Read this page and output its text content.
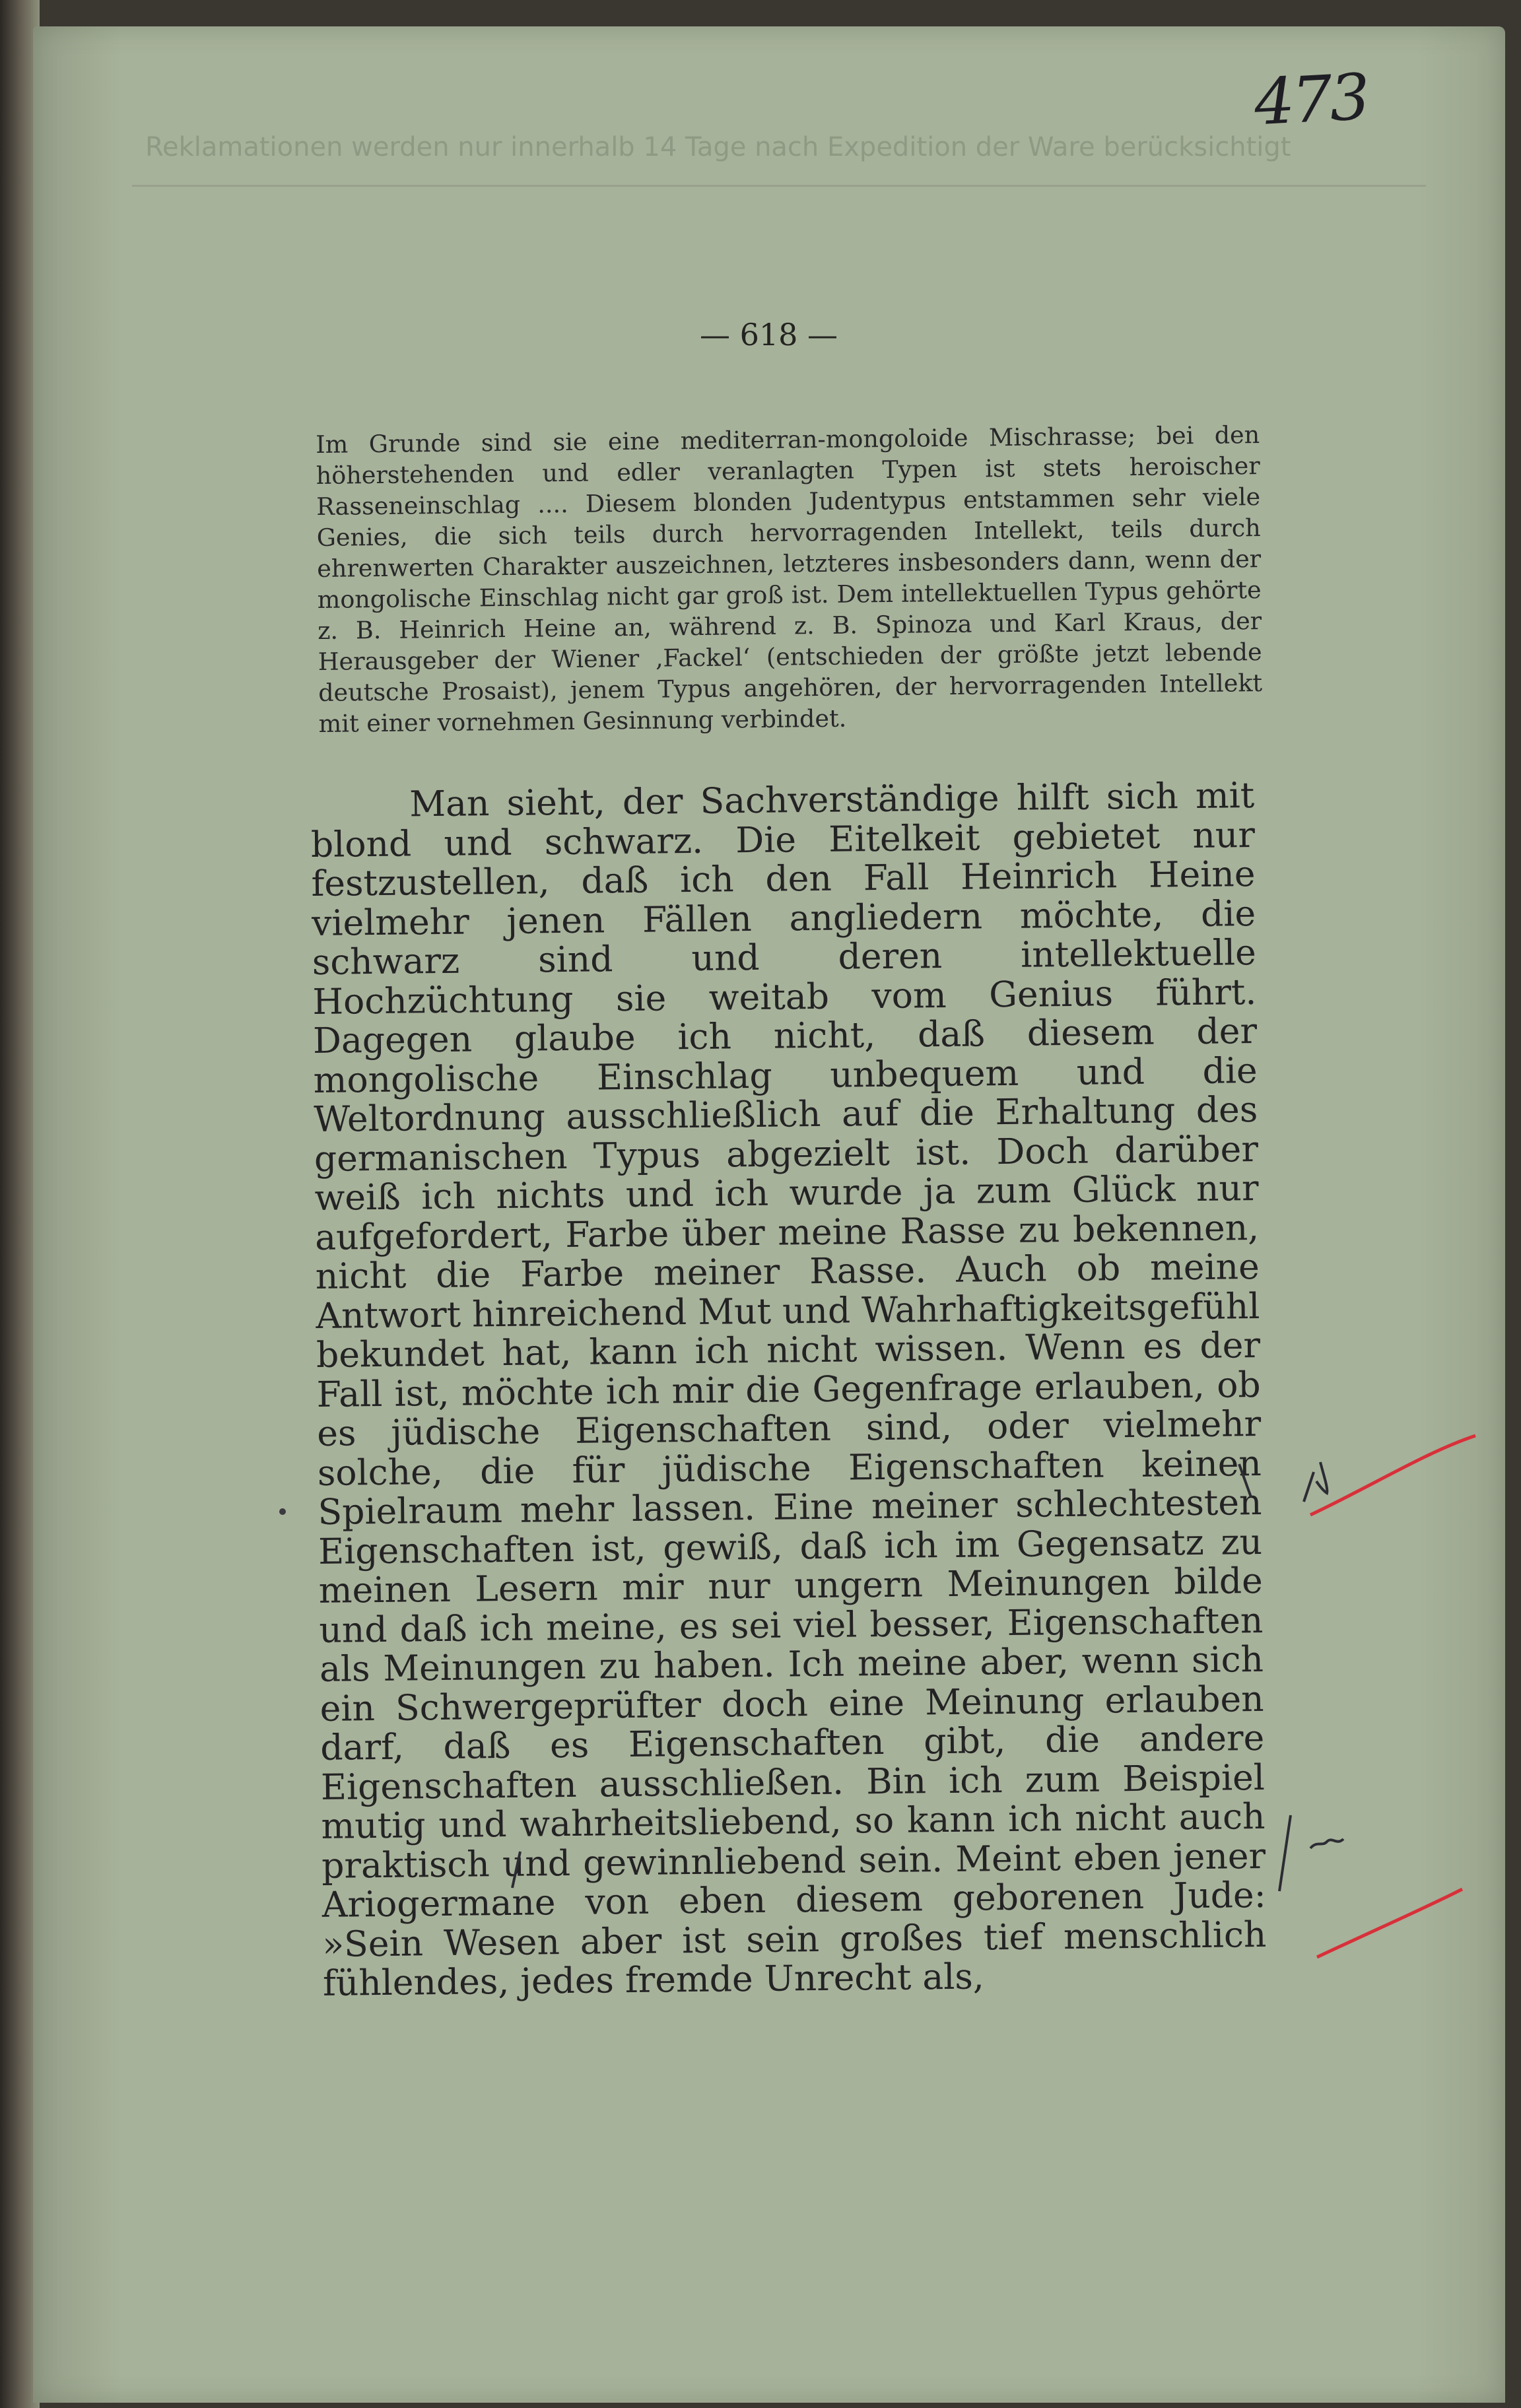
Reklamationen werden nur innerhalb 14 Tage nach Expedition der Ware berücksichtigt
473
— 618 —
Im Grunde sind sie eine mediterran-mongoloide Mischrasse; bei den höherstehenden und edler veranlagten Typen ist stets heroischer Rasseneinschlag .... Diesem blonden Judentypus entstammen sehr viele Genies, die sich teils durch hervorragenden Intellekt, teils durch ehrenwerten Charakter auszeichnen, letzteres insbesonders dann, wenn der mongolische Einschlag nicht gar groß ist. Dem intellektuellen Typus gehörte z. B. Heinrich Heine an, während z. B. Spinoza und Karl Kraus, der Herausgeber der Wiener ‚Fackel‘ (entschieden der größte jetzt lebende deutsche Prosaist), jenem Typus angehören, der hervorragenden Intellekt mit einer vornehmen Gesinnung verbindet.
Man sieht, der Sachverständige hilft sich mit blond und schwarz. Die Eitelkeit gebietet nur festzustellen, daß ich den Fall Heinrich Heine vielmehr jenen Fällen angliedern möchte, die schwarz sind und deren intellektuelle Hochzüchtung sie weitab vom Genius führt. Dagegen glaube ich nicht, daß diesem der mongolische Einschlag unbequem und die Weltordnung ausschließlich auf die Erhaltung des germanischen Typus abgezielt ist. Doch darüber weiß ich nichts und ich wurde ja zum Glück nur aufgefordert, Farbe über meine Rasse zu bekennen, nicht die Farbe meiner Rasse. Auch ob meine Antwort hinreichend Mut und Wahrhaftigkeitsgefühl bekundet hat, kann ich nicht wissen. Wenn es der Fall ist, möchte ich mir die Gegenfrage erlauben, ob es jüdische Eigenschaften sind, oder vielmehr solche, die für jüdische Eigenschaften keinen Spielraum mehr lassen. Eine meiner schlechtesten Eigenschaften ist, gewiß, daß ich im Gegensatz zu meinen Lesern mir nur ungern Meinungen bilde und daß ich meine, es sei viel besser, Eigenschaften als Meinungen zu haben. Ich meine aber, wenn sich ein Schwergeprüfter doch eine Meinung erlauben darf, daß es Eigenschaften gibt, die andere Eigenschaften ausschließen. Bin ich zum Beispiel mutig und wahrheitsliebend, so kann ich nicht auch praktisch und gewinnliebend sein. Meint eben jener Ariogermane von eben diesem geborenen Jude: »Sein Wesen aber ist sein großes tief menschlich fühlendes, jedes fremde Unrecht als,
